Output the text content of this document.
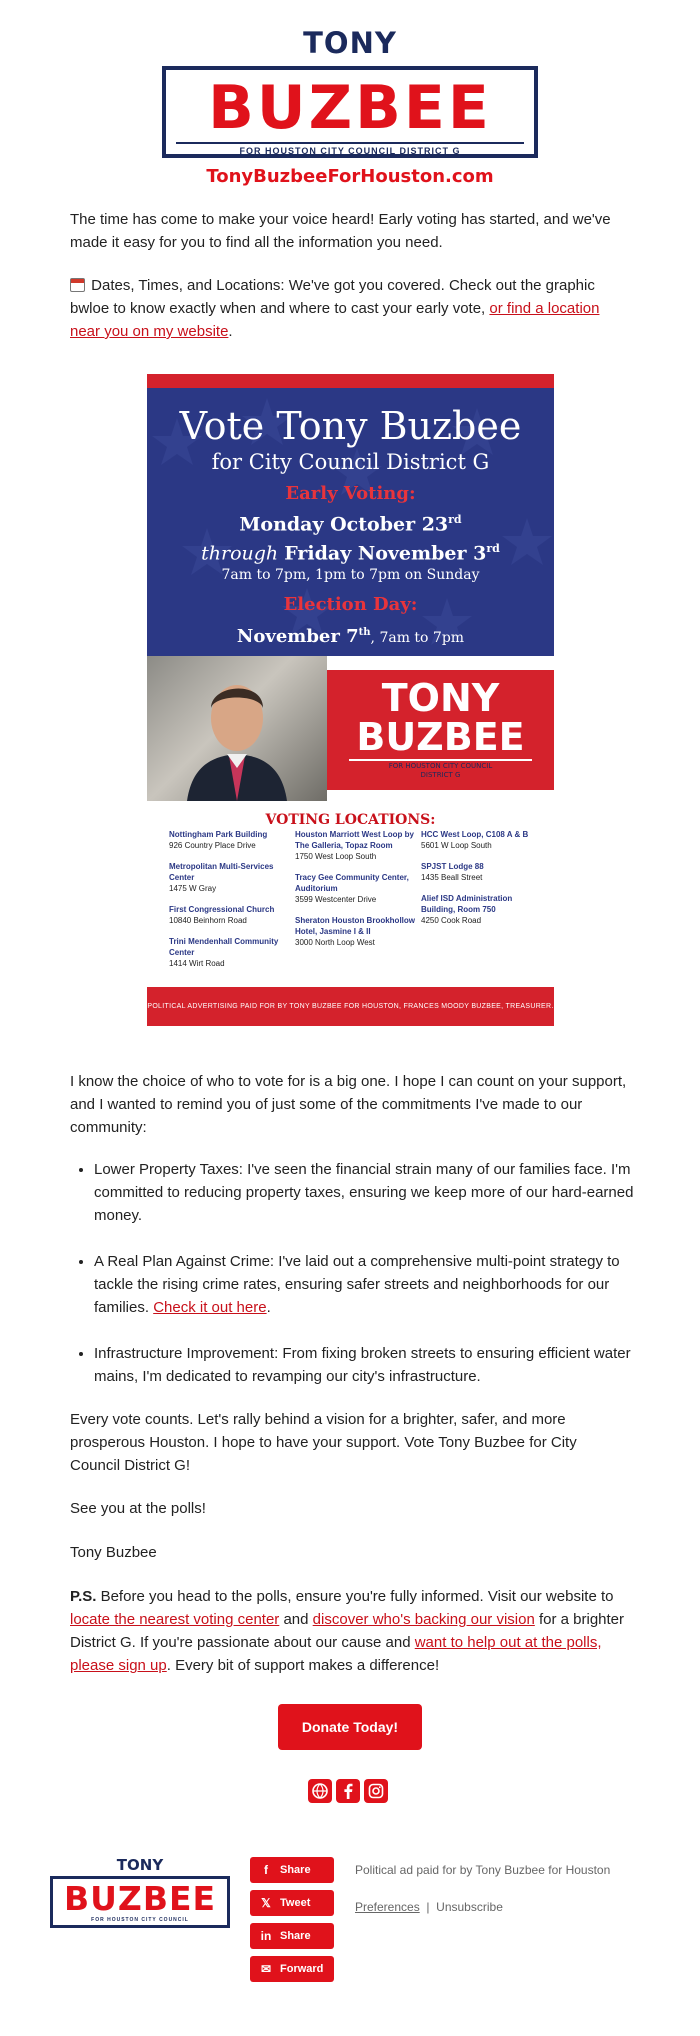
TONY
BUZBEE
FOR HOUSTON CITY COUNCIL DISTRICT G
TonyBuzbeeForHouston.com
The time has come to make your voice heard! Early voting has started, and we've made it easy for you to find all the information you need.
Dates, Times, and Locations: We've got you covered. Check out the graphic bwloe to know exactly when and where to cast your early vote, or find a location near you on my website.
Vote Tony Buzbee
for City Council District G
Early Voting:
Monday October 23rd
through Friday November 3rd
7am to 7pm, 1pm to 7pm on Sunday
Election Day:
November 7th, 7am to 7pm
TONY
BUZBEE
FOR HOUSTON CITY COUNCIL
DISTRICT G
VOTING LOCATIONS:
Nottingham Park Building
926 Country Place Drive
Metropolitan Multi-Services Center
1475 W Gray
First Congressional Church
10840 Beinhorn Road
Trini Mendenhall Community Center
1414 Wirt Road
Houston Marriott West Loop by The Galleria, Topaz Room
1750 West Loop South
Tracy Gee Community Center, Auditorium
3599 Westcenter Drive
Sheraton Houston Brookhollow Hotel, Jasmine I & II
3000 North Loop West
HCC West Loop, C108 A & B
5601 W Loop South
SPJST Lodge 88
1435 Beall Street
Alief ISD Administration Building, Room 750
4250 Cook Road
POLITICAL ADVERTISING PAID FOR BY TONY BUZBEE FOR HOUSTON, FRANCES MOODY BUZBEE, TREASURER.
I know the choice of who to vote for is a big one. I hope I can count on your support, and I wanted to remind you of just some of the commitments I've made to our community:
• Lower Property Taxes: I've seen the financial strain many of our families face. I'm committed to reducing property taxes, ensuring we keep more of our hard-earned money.
• A Real Plan Against Crime: I've laid out a comprehensive multi-point strategy to tackle the rising crime rates, ensuring safer streets and neighborhoods for our families. Check it out here.
• Infrastructure Improvement: From fixing broken streets to ensuring efficient water mains, I'm dedicated to revamping our city's infrastructure.
Every vote counts. Let's rally behind a vision for a brighter, safer, and more prosperous Houston. I hope to have your support. Vote Tony Buzbee for City Council District G!
See you at the polls!
Tony Buzbee
P.S. Before you head to the polls, ensure you're fully informed. Visit our website to locate the nearest voting center and discover who's backing our vision for a brighter District G. If you're passionate about our cause and want to help out at the polls, please sign up. Every bit of support makes a difference!
Donate Today!
TONY
BUZBEE
FOR HOUSTON CITY COUNCIL
f	Share
𝕏 Tweet
in Share
✉ Forward
Political ad paid for by Tony Buzbee for Houston
Preferences | Unsubscribe
